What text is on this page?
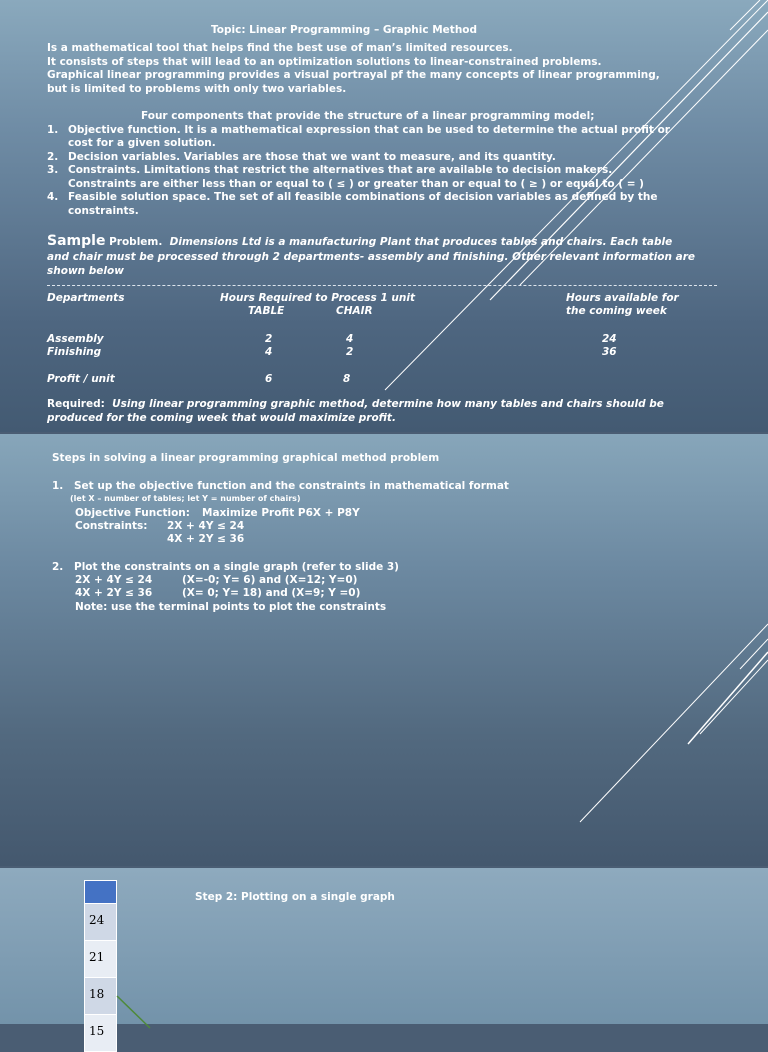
Topic: Linear Programming – Graphic Method
Is a mathematical tool that helps find the best use of man’s limited resources.
It consists of steps that will lead to an optimization solutions to linear-constrained problems.
Graphical linear programming provides a visual portrayal pf the many concepts of linear programming,
but is limited to problems with only two variables.
Four components that provide the structure of a linear programming model;
1. Objective function. It is a mathematical expression that can be used to determine the actual profit or
cost for a given solution.
2. Decision variables. Variables are those that we want to measure, and its quantity.
3. Constraints. Limitations that restrict the alternatives that are available to decision makers.
Constraints are either less than or equal to ( ≤ ) or greater than or equal to ( ≥ ) or equal to ( = )
4. Feasible solution space. The set of all feasible combinations of decision variables as defined by the
constraints.
Sample Problem. Dimensions Ltd is a manufacturing Plant that produces tables and chairs. Each table
and chair must be processed through 2 departments- assembly and finishing. Other relevant information are
shown below
Departments	Hours Required to Process 1 unit
TABLE	CHAIR
Hours available for
the coming week
Assembly	2	4	24
Finishing	4	2	36
Profit / unit	6	8
Required: Using linear programming graphic method, determine how many tables and chairs should be
produced for the coming week that would maximize profit.
Steps in solving a linear programming graphical method problem
1. Set up the objective function and the constraints in mathematical format
(let X – number of tables; let Y = number of chairs)
Objective Function: Maximize Profit P6X + P8Y
Constraints: 2X + 4Y ≤ 24
4X + 2Y ≤ 36
2. Plot the constraints on a single graph (refer to slide 3)
2X + 4Y ≤ 24	(X=-0; Y= 6) and (X=12; Y=0)
4X + 2Y ≤ 36	(X= 0; Y= 18) and (X=9; Y =0)
Note: use the terminal points to plot the constraints
24
21
18
15
Step 2: Plotting on a single graph
